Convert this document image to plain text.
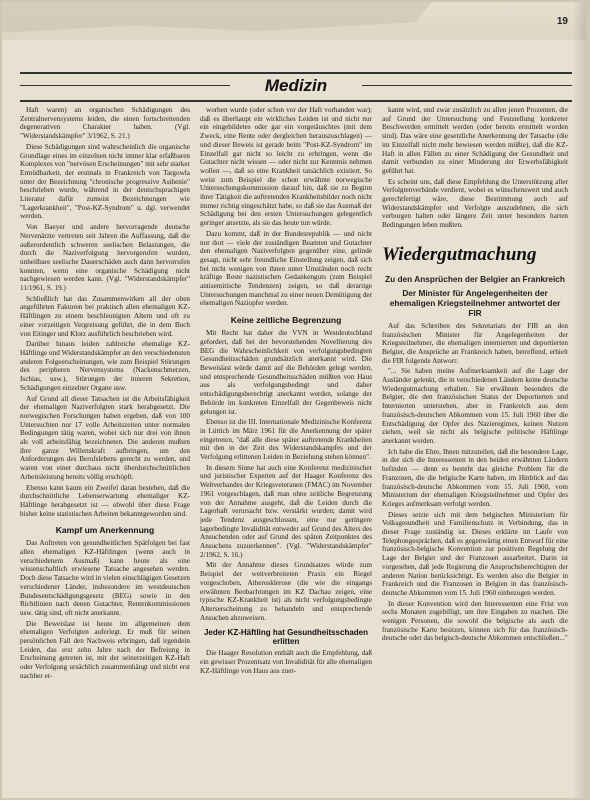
19
Medizin

Haft waren) an organischen Schädigungen des Zentralnervensystems leiden, die einen fortschreitenden degenerativen Charakter haben. (Vgl. "Widerstandskämpfer" 3/1962, S. 21.)

Diese Schädigungen sind wahrscheinlich die organische Grundlage eines im einzelnen nicht immer klar erfaßbaren Komplexes von "nervösen Erscheinungen" mit sehr starker Ermüdbarkeit, der erstmals in Frankreich von Targowla unter der Bezeichnung "chronische progressive Asthenie" beschrieben wurde, während in der deutschsprachigen Literatur dafür zumeist Bezeichnungen wie "Lagerkrankheit", "Post-KZ-Syndrom" u. dgl. verwendet werden.

Von Baeyer und andere hervorragende deutsche Nervenärzte vertreten seit Jahren die Auffassung, daß die außerordentlich schweren seelischen Belastungen, die durch die Naziverfolgung hervorgerufen wurden, unheilbare seelische Dauerschäden auch dann hervorrufen konnten, wenn eine organische Schädigung nicht nachgewiesen werden kann. (Vgl. "Widerstandskämpfer" 11/1961, S. 19.)

Schließlich hat das Zusammenwirken all der oben angeführten Faktoren bei praktisch allen ehemaligen KZ-Häftlingen zu einem beschleunigten Altern und oft zu einer vorzeitigen Vergreisung geführt, die in dem Buch von Eitinger und Klotz ausführlich beschrieben wird.

Darüber hinaus leiden zahlreiche ehemalige KZ-Häftlinge und Widerstandskämpfer an den verschiedensten anderen Folgeerscheinungen, wie zum Beispiel Störungen des peripheren Nervensystems (Nackenschmerzen, Ischias, usw.), Störungen der inneren Sekretion, Schädigungen einzelner Organe usw.

Auf Grund all dieser Tatsachen ist die Arbeitsfähigkeit der ehemaligen Naziverfolgten stark herabgesetzt. Die norwegischen Forschungen haben ergeben, daß von 100 Untersuchten nur 17 volle Arbeitszeiten unter normalen Bedingungen tätig waren, wobei sich nur drei von ihnen als voll arbeitsfähig bezeichneten. Die anderen mußten ihre ganze Willenskraft aufbringen, um den Anforderungen des Berufslebens gerecht zu werden, und waren von einer durchaus nicht überdurchschnittlichen Arbeitsleistung bereits völlig erschöpft.

Ebenso kann kaum ein Zweifel daran bestehen, daß die durchschnittliche Lebenserwartung ehemaliger KZ-Häftlinge herabgesetzt ist — obwohl über diese Frage bisher keine statistischen Arbeiten bekanntgeworden sind.

Kampf um Anerkennung

Das Auftreten von gesundheitlichen Spätfolgen bei fast allen ehemaligen KZ-Häftlingen (wenn auch in verschiedenem Ausmaß) kann heute als eine wissenschaftlich erwiesene Tatsache angesehen werden. Doch diese Tatsache wird in vielen einschlägigen Gesetzen verschiedener Länder, insbesondere im westdeutschen Bundesentschädigungsgesetz (BEG) sowie in den Richtlinien nach denen Gutachter, Rentenkommissionen usw. tätig sind, oft nicht anerkannt.

Die Beweislast ist heute im allgemeinen dem ehemaligen Verfolgten auferlegt. Er muß für seinen persönlichen Fall den Nachweis erbringen, daß irgendein Leiden, das erst zehn Jahre nach der Befreiung in Erscheinung getreten ist, mit der seinerzeitigen KZ-Haft oder Verfolgung ursächlich zusammenhängt und nicht erst nachher er-

worben wurde (oder schon vor der Haft vorhanden war); daß es überhaupt ein wirkliches Leiden ist und nicht nur ein eingebildetes oder gar ein vorgetäuschtes (mit dem Zweck, eine Rente oder dergleichen herauszuschlagen) — und dieser Beweis ist gerade beim "Post-KZ-Syndrom" im Einzelfall gar nicht so leicht zu erbringen, wenn die Gutachter nicht wissen — oder nicht zur Kenntnis nehmen wollen —, daß so eine Krankheit tatsächlich existiert. So weist zum Beispiel die schon erwähnte norwegische Untersuchungskommission darauf hin, daß sie zu Beginn ihrer Tätigkeit die auftretenden Krankheitsbilder noch nicht immer richtig eingeschätzt habe, so daß sie das Ausmaß der Schädigung bei den ersten Untersuchungen gelegentlich geringer ansetzte, als sie das heute tun würde.

Dazu kommt, daß in der Bundesrepublik — und nicht nur dort — viele der zuständigen Beamten und Gutachter den ehemaligen Naziverfolgten gegenüber eine, gelinde gesagt, nicht sehr freundliche Einstellung zeigen, daß sich bei nicht wenigen von ihnen unter Umständen noch recht kräftige Reste nazistischen Gedankenguts (zum Beispiel antisemitische Tendenzen) zeigen, so daß derartige Untersuchungen manchmal zu einer neuen Demütigung der ehemaligen Naziopfer werden.

Keine zeitliche Begrenzung

Mit Recht hat daher die VVN in Westdeutschland gefordert, daß bei der bevorstehenden Novellierung des BEG die Wahrscheinlichkeit von verfolgungsbedingten Gesundheitsschäden grundsätzlich anerkannt wird. Die Beweislast würde damit auf die Behörden gelegt werden, und entsprechende Gesundheitsschäden müßten von Haus aus als verfolgungsbedingt und daher entschädigungsberechtigt anerkannt werden, solange der Behörde im konkreten Einzelfall der Gegenbeweis nicht gelungen ist.

Ebenso ist die III. Internationale Medizinische Konferenz in Lüttich im März 1961 für die Anerkennung der später eingetreten, "daß alle diese später auftretende Krankheiten mit den in der Zeit des Widerstandskampfes und der Verfolgung erlittenen Leiden in Beziehung stehen können".

In diesem Sinne hat auch eine Konferenz medizinischer und juristischer Experten auf der Haager Konferenz des Weltverbandes der Kriegsveteranen (FMAC) im November 1961 vorgeschlagen, daß man ohne zeitliche Begrenzung von der Annahme ausgeht, daß die Leiden durch die Lagerhaft verursacht bzw. verstärkt wurden; damit wird jede Tendenz ausgeschlossen, eine nur geringere lagerbedingte Invalidität entweder auf Grund des Alters des Ansuchenden oder auf Grund des späten Zeitpunktes des Ansuchens zuzuerkennen". (Vgl. "Widerstandskämpfer" 2/1962, S. 16.)

Mit der Annahme dieses Grundsatzes würde zum Beispiel der weitverbreiteten Praxis ein Riegel vorgeschoben, Atherosklerose (die wie die eingangs erwähnten Beobachtungen im KZ Dachau zeigen, eine typische KZ-Krankheit ist) als nicht verfolgungsbedingte Alterserscheinung zu behandeln und entsprechende Ansuchen abzuweisen.

Jeder KZ-Häftling hat Gesundheitsschaden erlitten

Die Haager Resolution enthält auch die Empfehlung, daß ein gewisser Prozentsatz von Invalidität für alle ehemaligen KZ-Häftlinge von Haus aus zuer-

kannt wird, und zwar zusätzlich zu allen jenen Prozenten, die auf Grund der Untersuchung und Feststellung konkreter Beschwerden ermittelt werden (oder bereits ermittelt worden sind). Das wäre eine gesetzliche Anerkennung der Tatsache (die im Einzelfall nicht mehr bewiesen werden müßte), daß die KZ-Haft in allen Fällen zu einer Schädigung der Gesundheit und damit verbunden zu einer Minderung der Erwerbsfähigkeit geführt hat.

Es scheint uns, daß diese Empfehlung die Unterstützung aller Verfolgtenverbände verdient, wobei es wünschenswert und auch gerechtfertigt wäre, diese Bestimmung auch auf Widerstandskämpfer und Verfolgte auszudehnen, die sich verborgen halten oder längere Zeit unter besonders harten Bedingungen leben mußten.

Wiedergutmachung
Zu den Ansprüchen der Belgier an Frankreich
Der Minister für Angelegenheiten der ehemaligen Kriegsteilnehmer antwortet der FIR

Auf das Schreiben des Sekretariats der FIR an den französischen Minister für Angelegenheiten der Kriegsteilnehmer, die ehemaligen internierten und deportierten Belgier, die Ansprüche an Frankreich haben, betreffend, erhielt die FIR folgende Antwort:

"... Sie haben meine Aufmerksamkeit auf die Lage der Ausländer gelenkt, die in verschiedenen Ländern keine deutsche Wiedergutmachung erhalten. Sie erwähnen besonders die Belgier, die den französischen Status der Deportierten und Internierten unterstehen, aber in Frankreich aus dem französisch-deutschen Abkommen vom 15. Juli 1960 über die Entschädigung der Opfer des Nazieregimes, keinen Nutzen ziehen, weil sie nicht als belgische politische Häftlinge anerkannt werden.

Ich habe die Ehre, Ihnen mitzuteilen, daß die besondere Lage, in der sich die Interessenten in den beiden erwähnten Ländern befinden — denn es besteht das gleiche Problem für die Franzosen, die die belgische Karte haben, im Hinblick auf das französisch-deutsche Abkommen vom 15. Juli 1960, vom Ministerium der ehemaligen Kriegsteilnehmer und Opfer des Krieges aufmerksam verfolgt werden.

Dieses setzte sich mit dem belgischen Ministerium für Volksgesundheit und Familienschutz in Verbindung, das in dieser Frage zuständig ist. Dieses erklärte im Laufe von Telephongesprächen, daß es gegenwärtig einen Entwurf für eine französisch-belgische Konvention zur positiven Regelung der Lage der Belgier und der Franzosen ausarbeitet. Darin ist vorgesehen, daß jede Regierung die Anspruchsberechtigten der anderen Nation berücksichtigt. Es werden also die Belgier in Frankreich und die Franzosen in Belgien in das französisch-deutsche Abkommen vom 15. Juli 1960 einbezogen werden.

In dieser Konvention wird den Interessenten eine Frist von sechs Monaten zugebilligt, um ihre Eingaben zu machen. Die wenigen Personen, die sowohl die belgische als auch die französische Karte besitzen, können sich für das französisch-deutsche oder das belgisch-deutsche Abkommen entschließen..."
